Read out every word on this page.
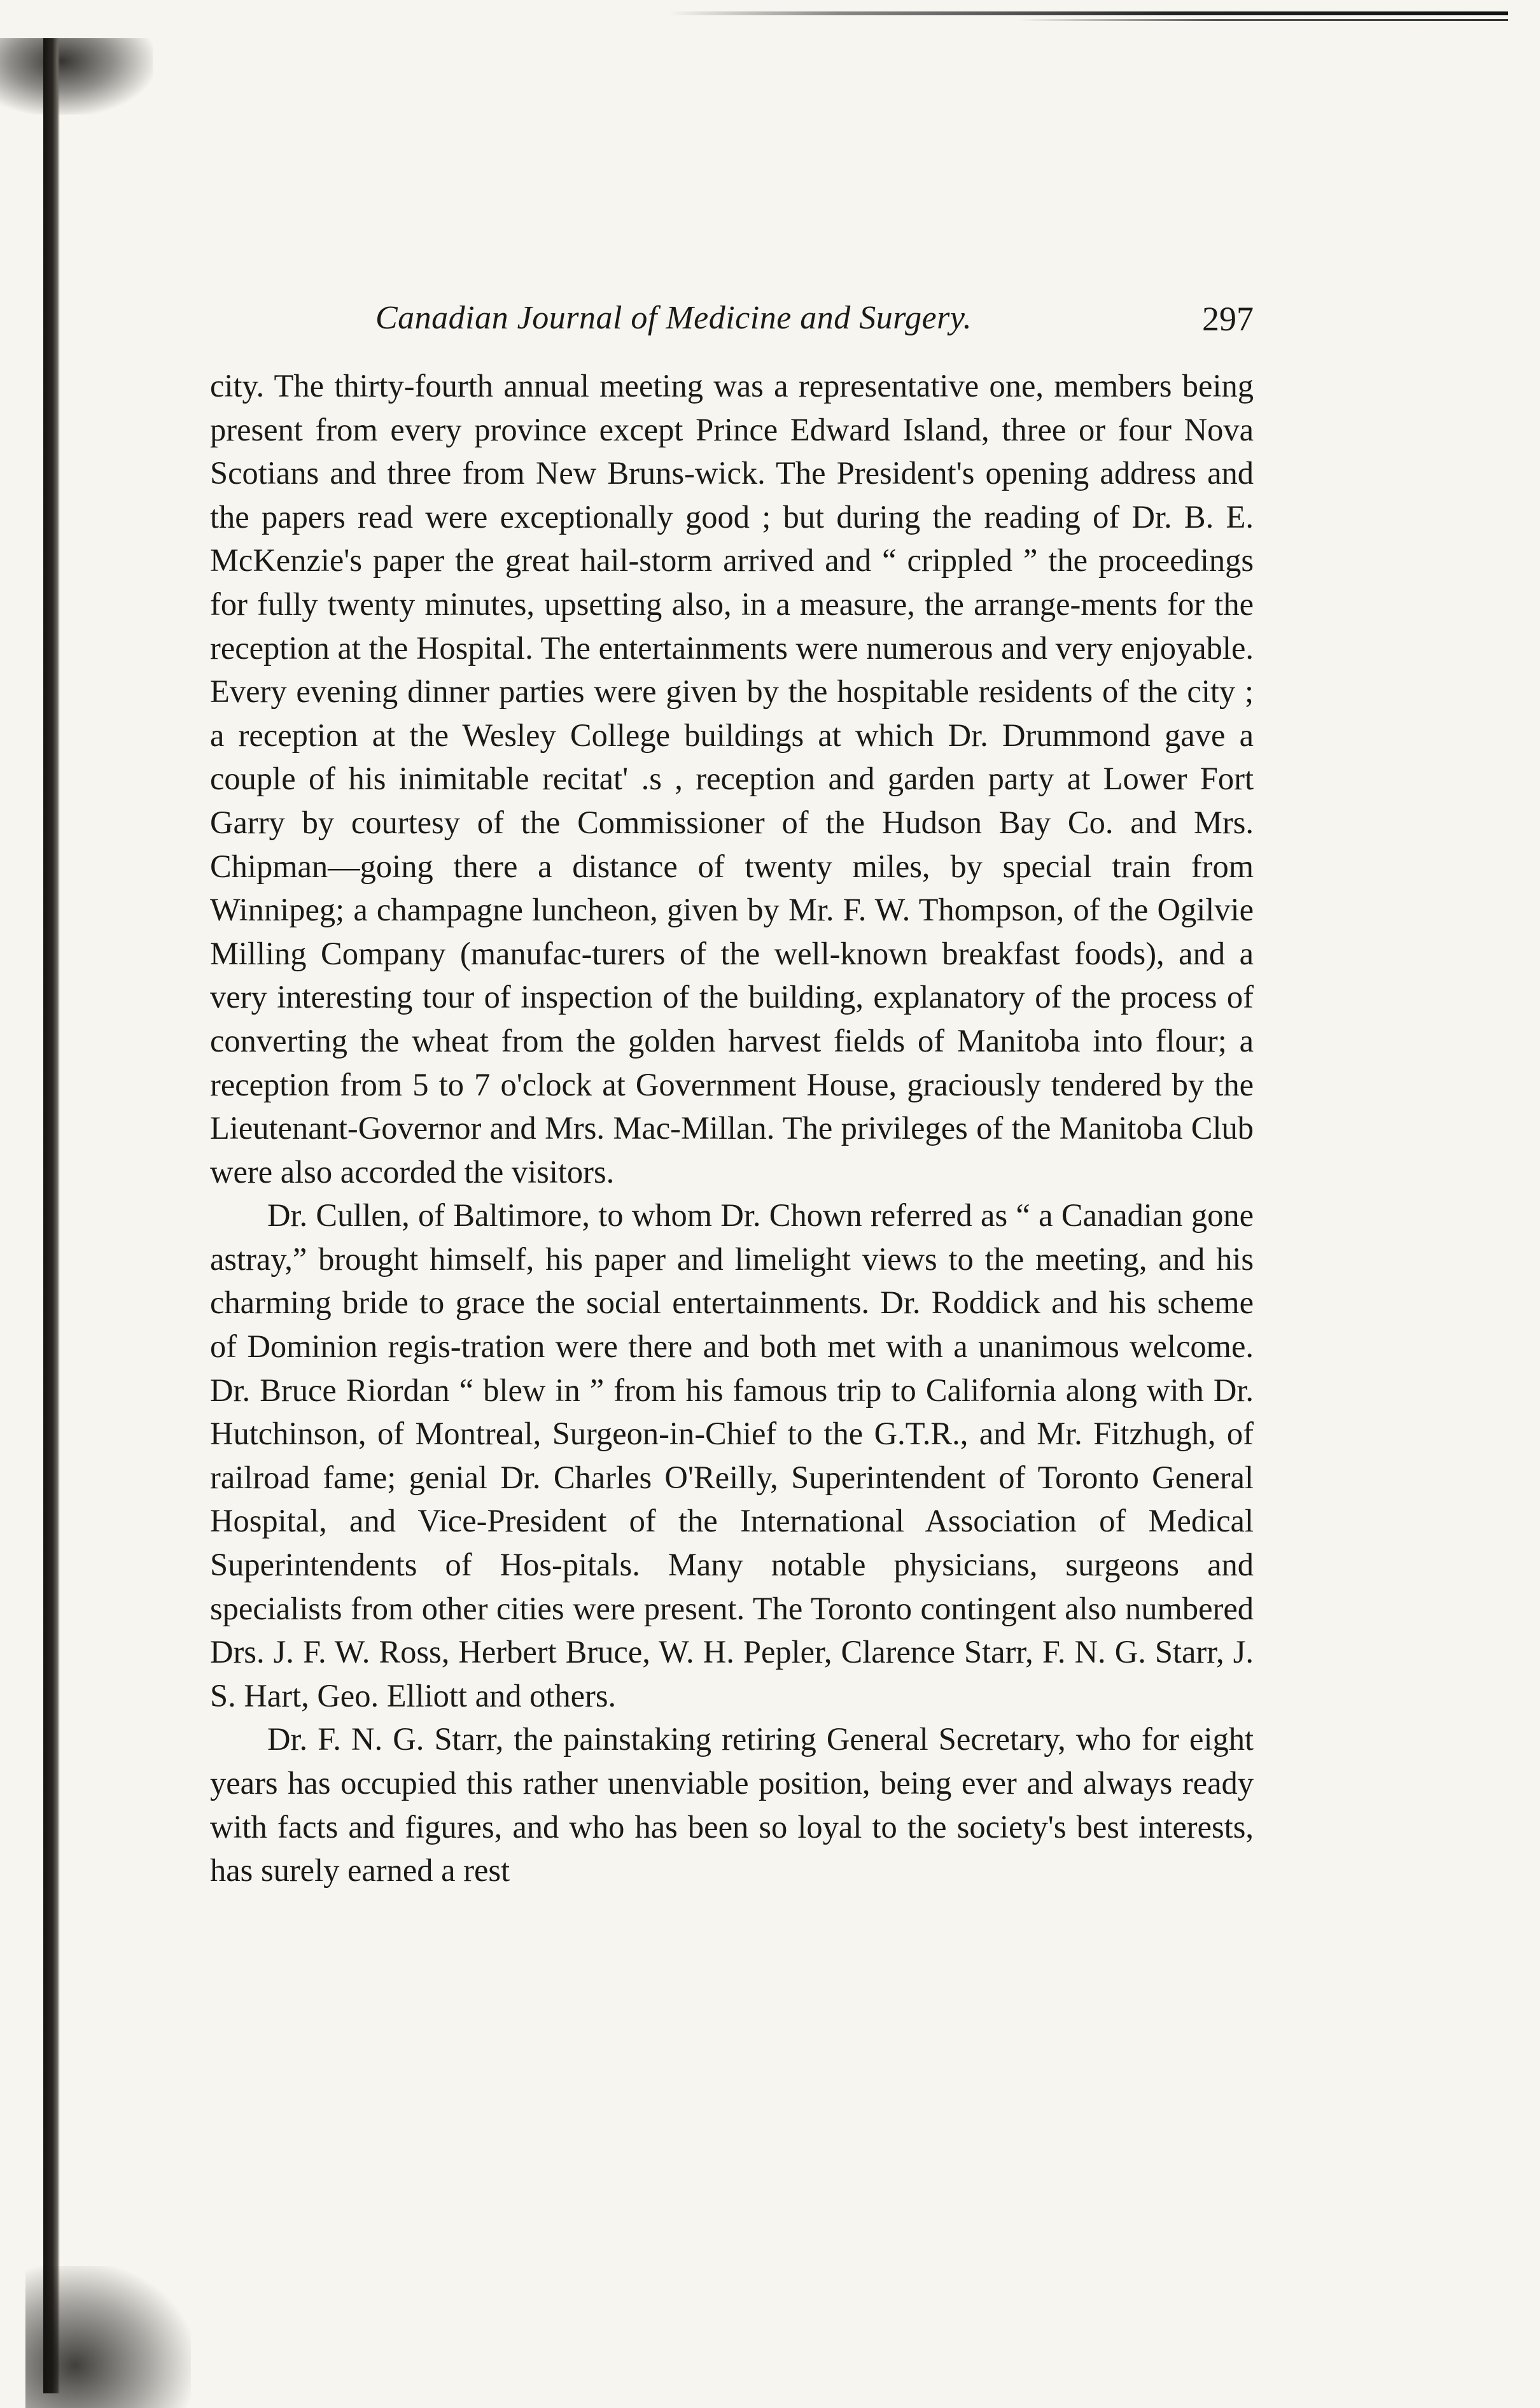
Canadian Journal of Medicine and Surgery.	297

city. The thirty-fourth annual meeting was a representative one, members being present from every province except Prince Edward Island, three or four Nova Scotians and three from New Bruns-wick. The President's opening address and the papers read were exceptionally good ; but during the reading of Dr. B. E. McKenzie's paper the great hail-storm arrived and “ crippled ” the proceedings for fully twenty minutes, upsetting also, in a measure, the arrange-ments for the reception at the Hospital. The entertainments were numerous and very enjoyable. Every evening dinner parties were given by the hospitable residents of the city ; a reception at the Wesley College buildings at which Dr. Drummond gave a couple of his inimitable recitat' .s , reception and garden party at Lower Fort Garry by courtesy of the Commissioner of the Hudson Bay Co. and Mrs. Chipman—going there a distance of twenty miles, by special train from Winnipeg; a champagne luncheon, given by Mr. F. W. Thompson, of the Ogilvie Milling Company (manufac-turers of the well-known breakfast foods), and a very interesting tour of inspection of the building, explanatory of the process of converting the wheat from the golden harvest fields of Manitoba into flour; a reception from 5 to 7 o'clock at Government House, graciously tendered by the Lieutenant-Governor and Mrs. Mac-Millan. The privileges of the Manitoba Club were also accorded the visitors.

Dr. Cullen, of Baltimore, to whom Dr. Chown referred as “ a Canadian gone astray,” brought himself, his paper and limelight views to the meeting, and his charming bride to grace the social entertainments. Dr. Roddick and his scheme of Dominion regis-tration were there and both met with a unanimous welcome. Dr. Bruce Riordan “ blew in ” from his famous trip to California along with Dr. Hutchinson, of Montreal, Surgeon-in-Chief to the G.T.R., and Mr. Fitzhugh, of railroad fame; genial Dr. Charles O'Reilly, Superintendent of Toronto General Hospital, and Vice-President of the International Association of Medical Superintendents of Hos-pitals. Many notable physicians, surgeons and specialists from other cities were present. The Toronto contingent also numbered Drs. J. F. W. Ross, Herbert Bruce, W. H. Pepler, Clarence Starr, F. N. G. Starr, J. S. Hart, Geo. Elliott and others.

Dr. F. N. G. Starr, the painstaking retiring General Secretary, who for eight years has occupied this rather unenviable position, being ever and always ready with facts and figures, and who has been so loyal to the society's best interests, has surely earned a rest
